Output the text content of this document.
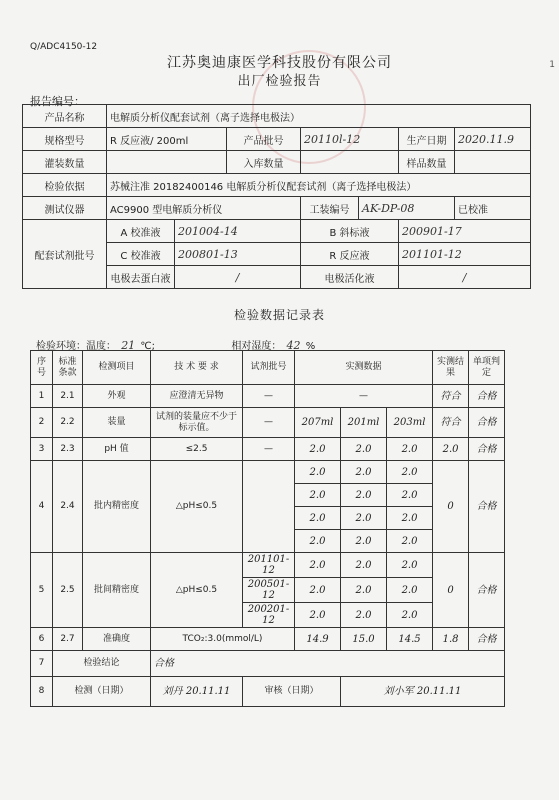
Q/ADC4150-12
江苏奥迪康医学科技股份有限公司
出厂检验报告
1
报告编号：
产品名称	电解质分析仪配套试剂（离子选择电极法）						
规格型号	R 反应液/ 200ml		产品批号	20110l-12		生产日期	2020.11.9
灌装数量			入库数量			样品数量	
检验依据	苏械注准 20182400146 电解质分析仪配套试剂（离子选择电极法）						
测试仪器	AC9900 型电解质分析仪			工装编号	AK-DP-08		已校准
配套试剂批号	A 校准液	201004-14		B 斜标液		200901-17	
	C 校准液	200801-13		R 反应液		201101-12	
	电极去蛋白液	/		电极活化液		/	
检验数据记录表
检验环境：温度： 21 ℃;	相对湿度： 42 %
序号	标准条款	检测项目	技 术 要 求	试剂批号	实测数据			实测结果	单项判定
1	2.1	外观	应澄清无异物	—	—			符合	合格
2	2.2	装量	试剂的装量应不少于标示值。	—	207ml	201ml	203ml	符合	合格
3	2.3	pH 值	≤2.5	—	2.0	2.0	2.0	2.0	合格
4	2.4	批内精密度	△pH≤0.5		2.0	2.0	2.0	0	合格
					2.0	2.0	2.0		
					2.0	2.0	2.0		
					2.0	2.0	2.0		
5	2.5	批间精密度	△pH≤0.5	201101-12	2.0	2.0	2.0	0	合格
				200501-12	2.0	2.0	2.0		
				200201-12	2.0	2.0	2.0		
6	2.7	准确度	TCO₂:3.0(mmol/L)		14.9	15.0	14.5	1.8	合格
7	检验结论		合格						
8	检测（日期）		刘丹 20.11.11	审核（日期）		刘小军 20.11.11			
